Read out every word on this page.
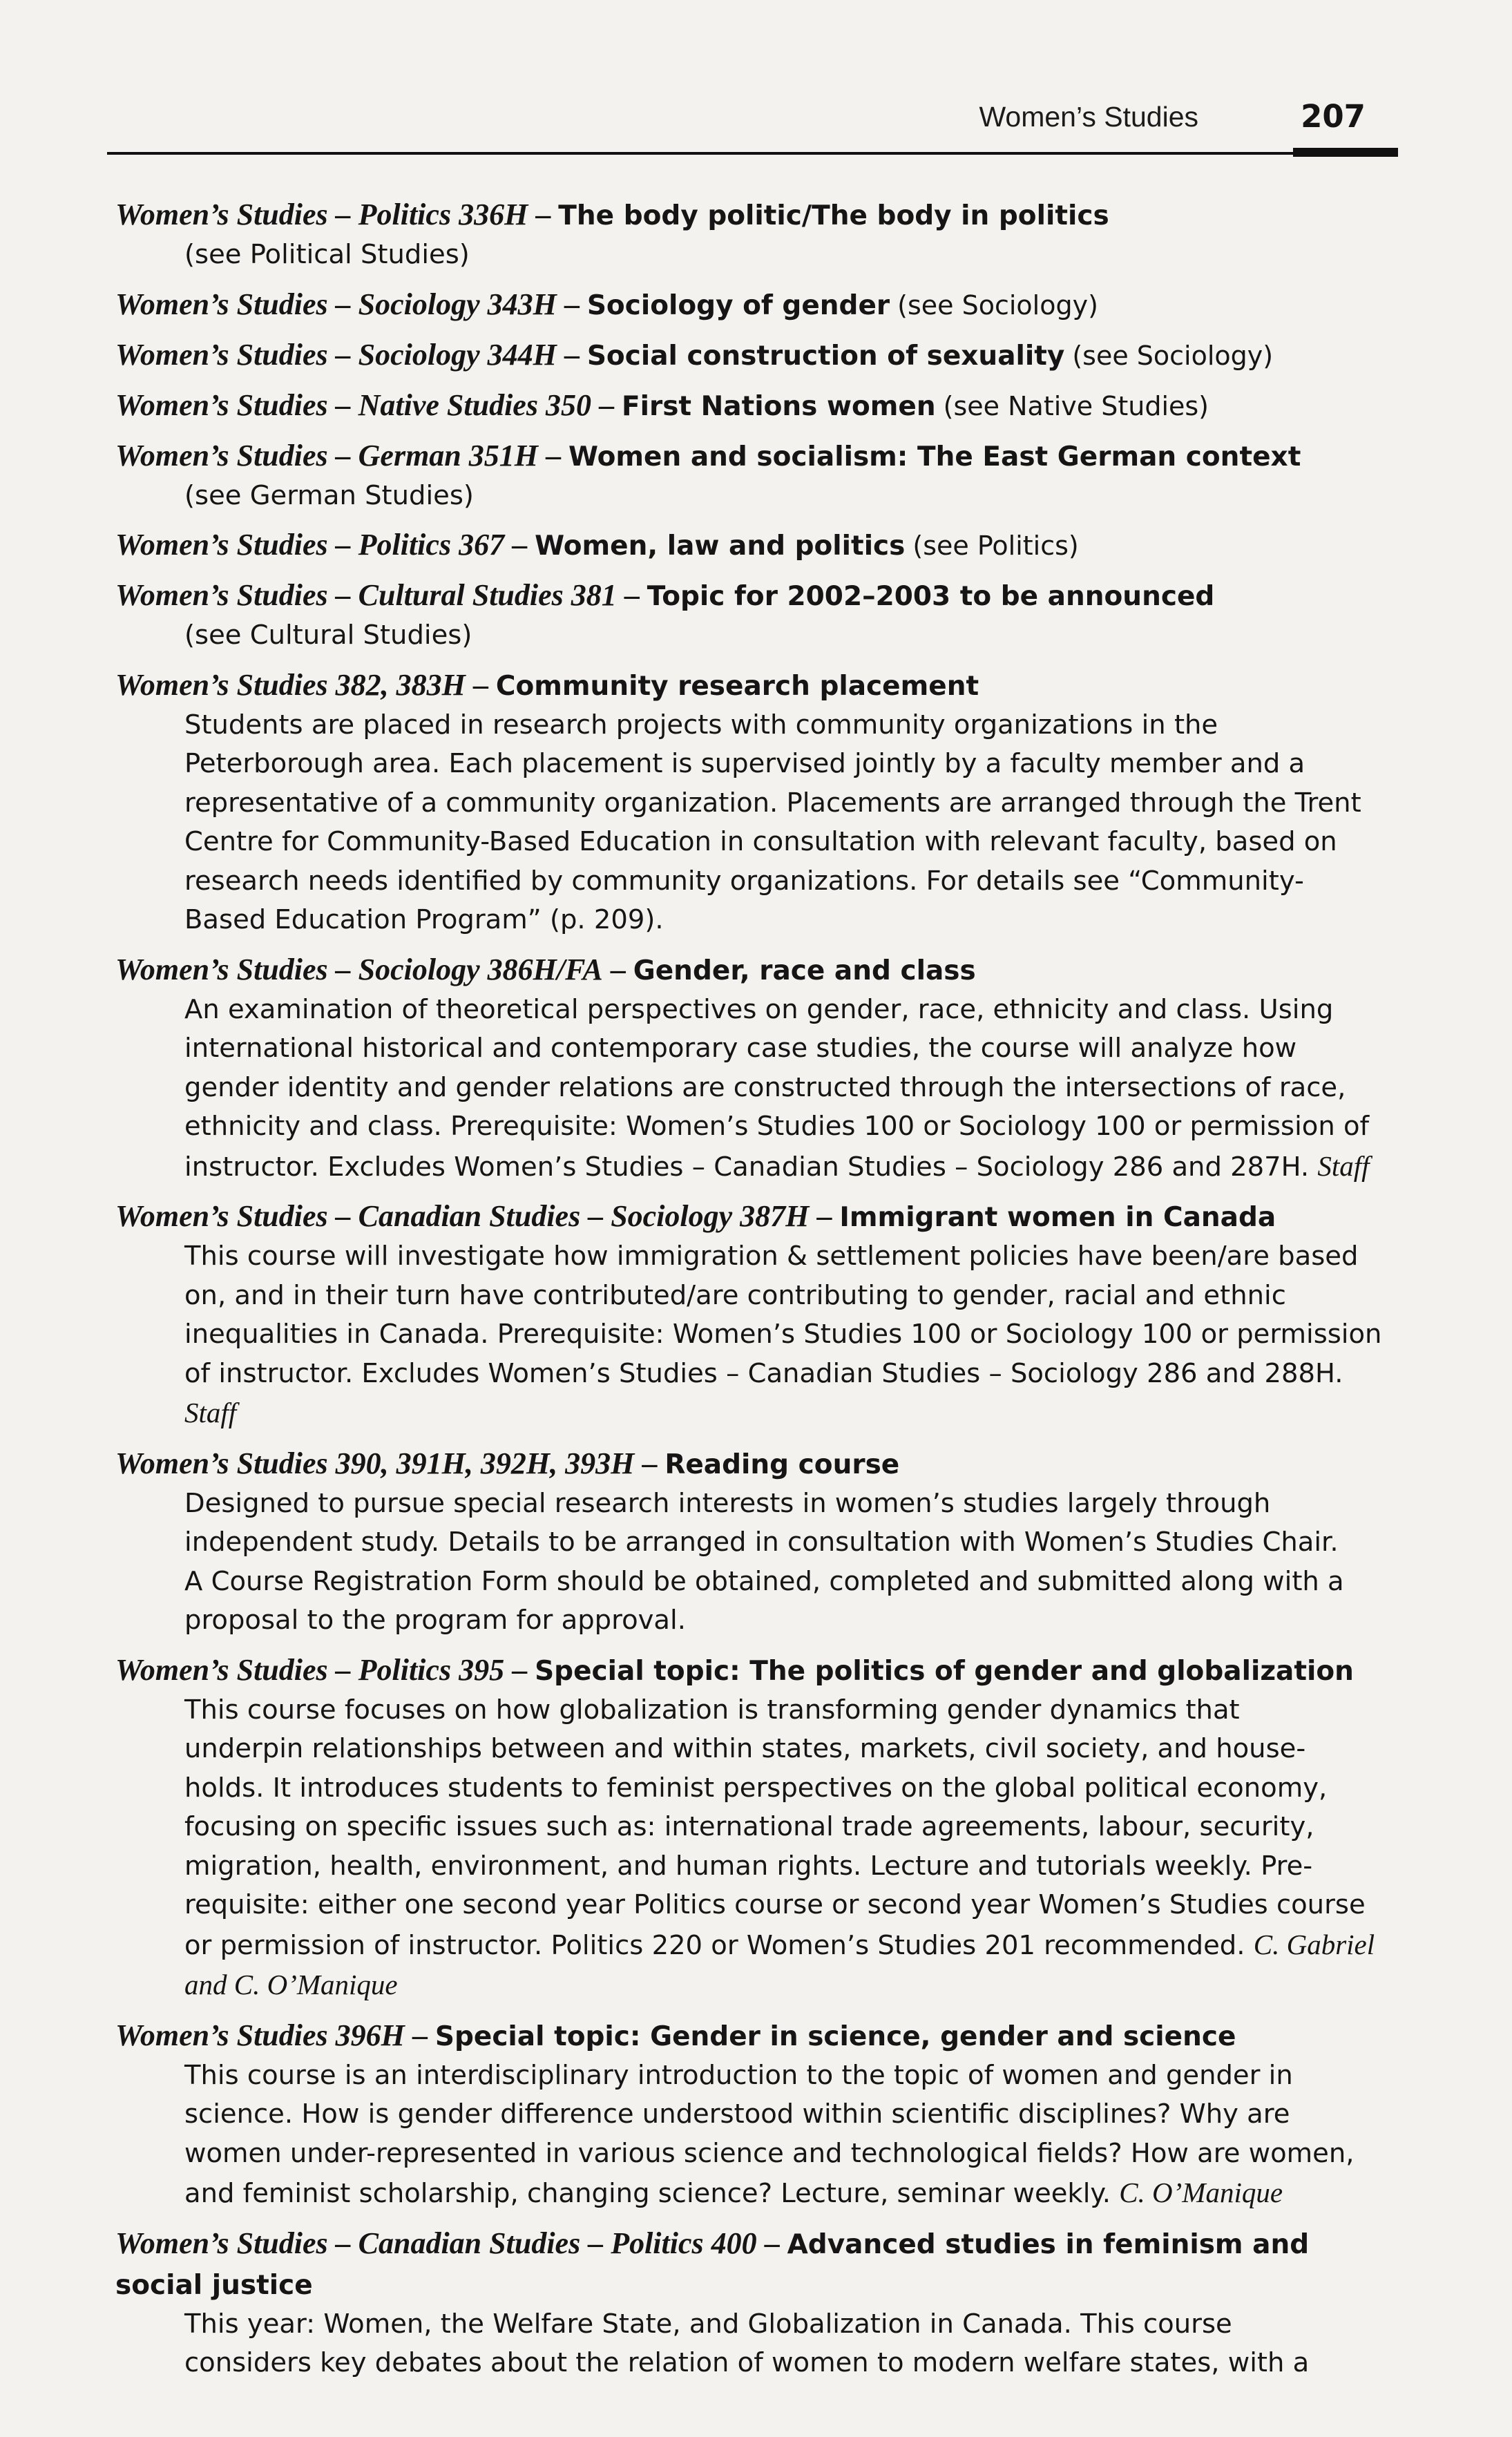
Women’s Studies	207
Women’s Studies – Politics 336H – The body politic/The body in politics
(see Political Studies)
Women’s Studies – Sociology 343H – Sociology of gender (see Sociology)
Women’s Studies – Sociology 344H – Social construction of sexuality (see Sociology)
Women’s Studies – Native Studies 350 – First Nations women (see Native Studies)
Women’s Studies – German 351H – Women and socialism: The East German context
(see German Studies)
Women’s Studies – Politics 367 – Women, law and politics (see Politics)
Women’s Studies – Cultural Studies 381 – Topic for 2002–2003 to be announced
(see Cultural Studies)
Women’s Studies 382, 383H – Community research placement
Students are placed in research projects with community organizations in the
Peterborough area. Each placement is supervised jointly by a faculty member and a
representative of a community organization. Placements are arranged through the Trent
Centre for Community-Based Education in consultation with relevant faculty, based on
research needs identified by community organizations. For details see “Community-
Based Education Program” (p. 209).
Women’s Studies – Sociology 386H/FA – Gender, race and class
An examination of theoretical perspectives on gender, race, ethnicity and class. Using
international historical and contemporary case studies, the course will analyze how
gender identity and gender relations are constructed through the intersections of race,
ethnicity and class. Prerequisite: Women’s Studies 100 or Sociology 100 or permission of
instructor. Excludes Women’s Studies – Canadian Studies – Sociology 286 and 287H. Staff
Women’s Studies – Canadian Studies – Sociology 387H – Immigrant women in Canada
This course will investigate how immigration & settlement policies have been/are based
on, and in their turn have contributed/are contributing to gender, racial and ethnic
inequalities in Canada. Prerequisite: Women’s Studies 100 or Sociology 100 or permission
of instructor. Excludes Women’s Studies – Canadian Studies – Sociology 286 and 288H. Staff
Women’s Studies 390, 391H, 392H, 393H – Reading course
Designed to pursue special research interests in women’s studies largely through
independent study. Details to be arranged in consultation with Women’s Studies Chair.
A Course Registration Form should be obtained, completed and submitted along with a
proposal to the program for approval.
Women’s Studies – Politics 395 – Special topic: The politics of gender and globalization
This course focuses on how globalization is transforming gender dynamics that
underpin relationships between and within states, markets, civil society, and house-
holds. It introduces students to feminist perspectives on the global political economy,
focusing on specific issues such as: international trade agreements, labour, security,
migration, health, environment, and human rights. Lecture and tutorials weekly. Pre-
requisite: either one second year Politics course or second year Women’s Studies course
or permission of instructor. Politics 220 or Women’s Studies 201 recommended. C. Gabriel and C. O’Manique
Women’s Studies 396H – Special topic: Gender in science, gender and science
This course is an interdisciplinary introduction to the topic of women and gender in
science. How is gender difference understood within scientific disciplines? Why are
women under-represented in various science and technological fields? How are women,
and feminist scholarship, changing science? Lecture, seminar weekly. C. O’Manique
Women’s Studies – Canadian Studies – Politics 400 – Advanced studies in feminism and social justice
This year: Women, the Welfare State, and Globalization in Canada. This course
considers key debates about the relation of women to modern welfare states, with a
